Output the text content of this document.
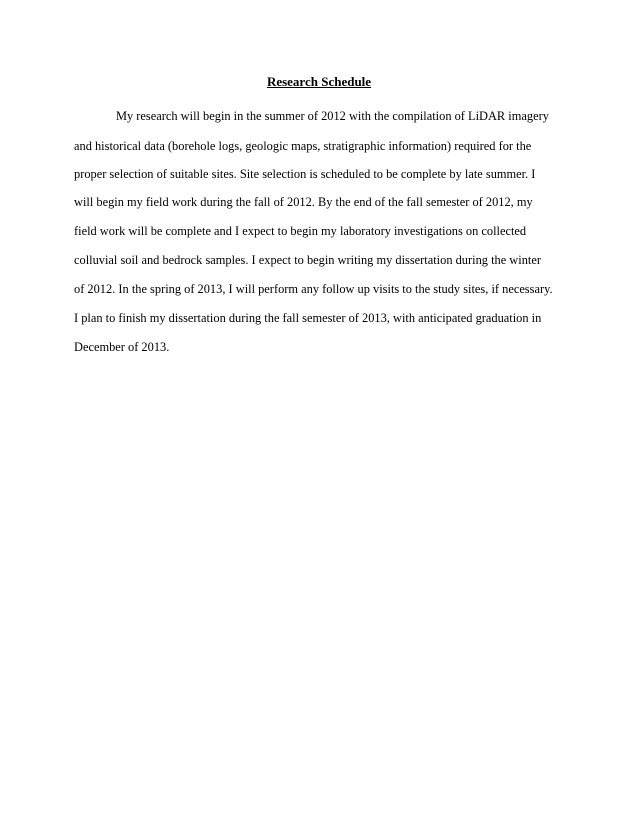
Research Schedule
My research will begin in the summer of 2012 with the compilation of LiDAR imagery
and historical data (borehole logs, geologic maps, stratigraphic information) required for the
proper selection of suitable sites. Site selection is scheduled to be complete by late summer. I
will begin my field work during the fall of 2012. By the end of the fall semester of 2012, my
field work will be complete and I expect to begin my laboratory investigations on collected
colluvial soil and bedrock samples. I expect to begin writing my dissertation during the winter
of 2012. In the spring of 2013, I will perform any follow up visits to the study sites, if necessary.
I plan to finish my dissertation during the fall semester of 2013, with anticipated graduation in
December of 2013.
